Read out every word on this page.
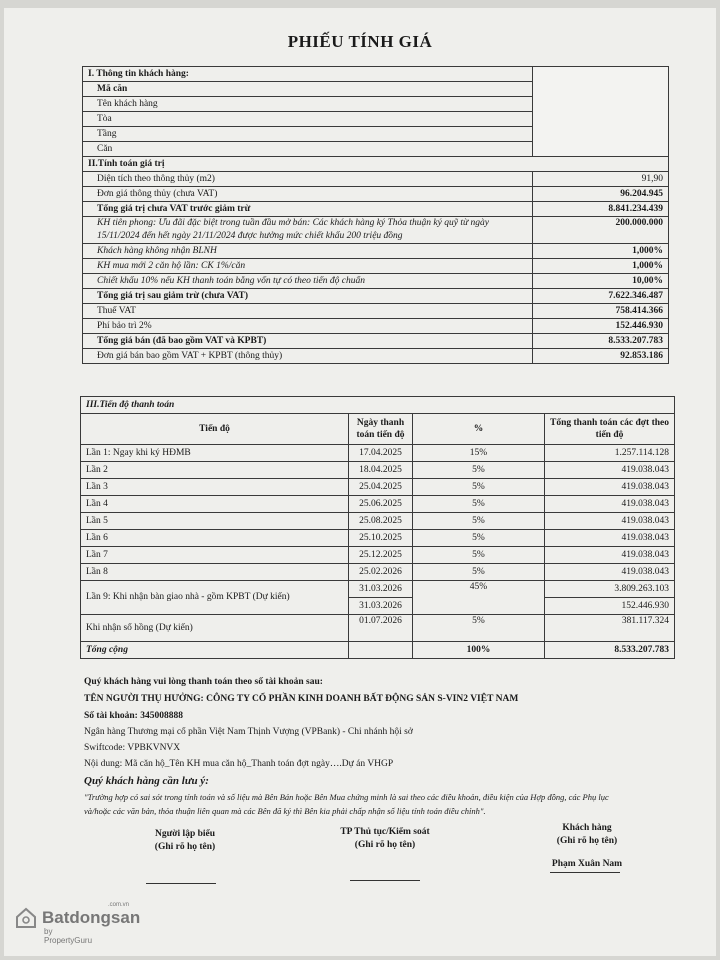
PHIẾU TÍNH GIÁ
I. Thông tin khách hàng:	
Mã căn	
Tên khách hàng	
Tòa	
Tầng	
Căn	
II.Tính toán giá trị	
Diện tích theo thông thủy (m2)	91,90
Đơn giá thông thủy (chưa VAT)	96.204.945
Tổng giá trị chưa VAT trước giảm trừ	8.841.234.439
KH tiên phong: Ưu đãi đặc biệt trong tuần đầu mở bán: Các khách hàng ký Thỏa thuận ký quỹ từ ngày 15/11/2024 đến hết ngày 21/11/2024 được hưởng mức chiết khấu 200 triệu đồng	200.000.000
Khách hàng không nhận BLNH	1,000%
KH mua mới 2 căn hộ lần: CK 1%/căn	1,000%
Chiết khấu 10% nếu KH thanh toán bằng vốn tự có theo tiến độ chuẩn	10,00%
Tổng giá trị sau giảm trừ (chưa VAT)	7.622.346.487
Thuế VAT	758.414.366
Phí bảo trì 2%	152.446.930
Tổng giá bán (đã bao gồm VAT và KPBT)	8.533.207.783
Đơn giá bán bao gồm VAT + KPBT (thông thủy)	92.853.186
III.Tiến độ thanh toán			
Tiến độ	Ngày thanh toán tiến độ	%	Tổng thanh toán các đợt theo tiến độ
Lần 1: Ngay khi ký HĐMB	17.04.2025	15%	1.257.114.128
Lần 2	18.04.2025	5%	419.038.043
Lần 3	25.04.2025	5%	419.038.043
Lần 4	25.06.2025	5%	419.038.043
Lần 5	25.08.2025	5%	419.038.043
Lần 6	25.10.2025	5%	419.038.043
Lần 7	25.12.2025	5%	419.038.043
Lần 8	25.02.2026	5%	419.038.043
Lần 9: Khi nhận bàn giao nhà - gồm KPBT (Dự kiến)	31.03.2026	45%	3.809.263.103
	31.03.2026		152.446.930
Khi nhận sổ hồng (Dự kiến)	01.07.2026	5%	381.117.324
Tổng cộng		100%	8.533.207.783
Quý khách hàng vui lòng thanh toán theo số tài khoản sau:
TÊN NGƯỜI THỤ HƯỞNG: CÔNG TY CỔ PHẦN KINH DOANH BẤT ĐỘNG SẢN S-VIN2 VIỆT NAM
Số tài khoản: 345008888
Ngân hàng Thương mại cổ phần Việt Nam Thịnh Vượng (VPBank) - Chi nhánh hội sở
Swiftcode: VPBKVNVX
Nội dung: Mã căn hộ_Tên KH mua căn hộ_Thanh toán đợt ngày….Dự án VHGP
Quý khách hàng cần lưu ý:
"Trường hợp có sai sót trong tính toán và số liệu mà Bên Bán hoặc Bên Mua chứng minh là sai theo các điều khoản, điều kiện của Hợp đồng, các Phụ lục
và/hoặc các văn bản, thỏa thuận liên quan mà các Bên đã ký thì Bên kia phải chấp nhận số liệu tính toán điều chỉnh".
Người lập biểu
(Ghi rõ họ tên)
TP Thủ tục/Kiểm soát
(Ghi rõ họ tên)
Khách hàng
(Ghi rõ họ tên)
Phạm Xuân Nam
Batdongsan
.com.vn
by PropertyGuru
